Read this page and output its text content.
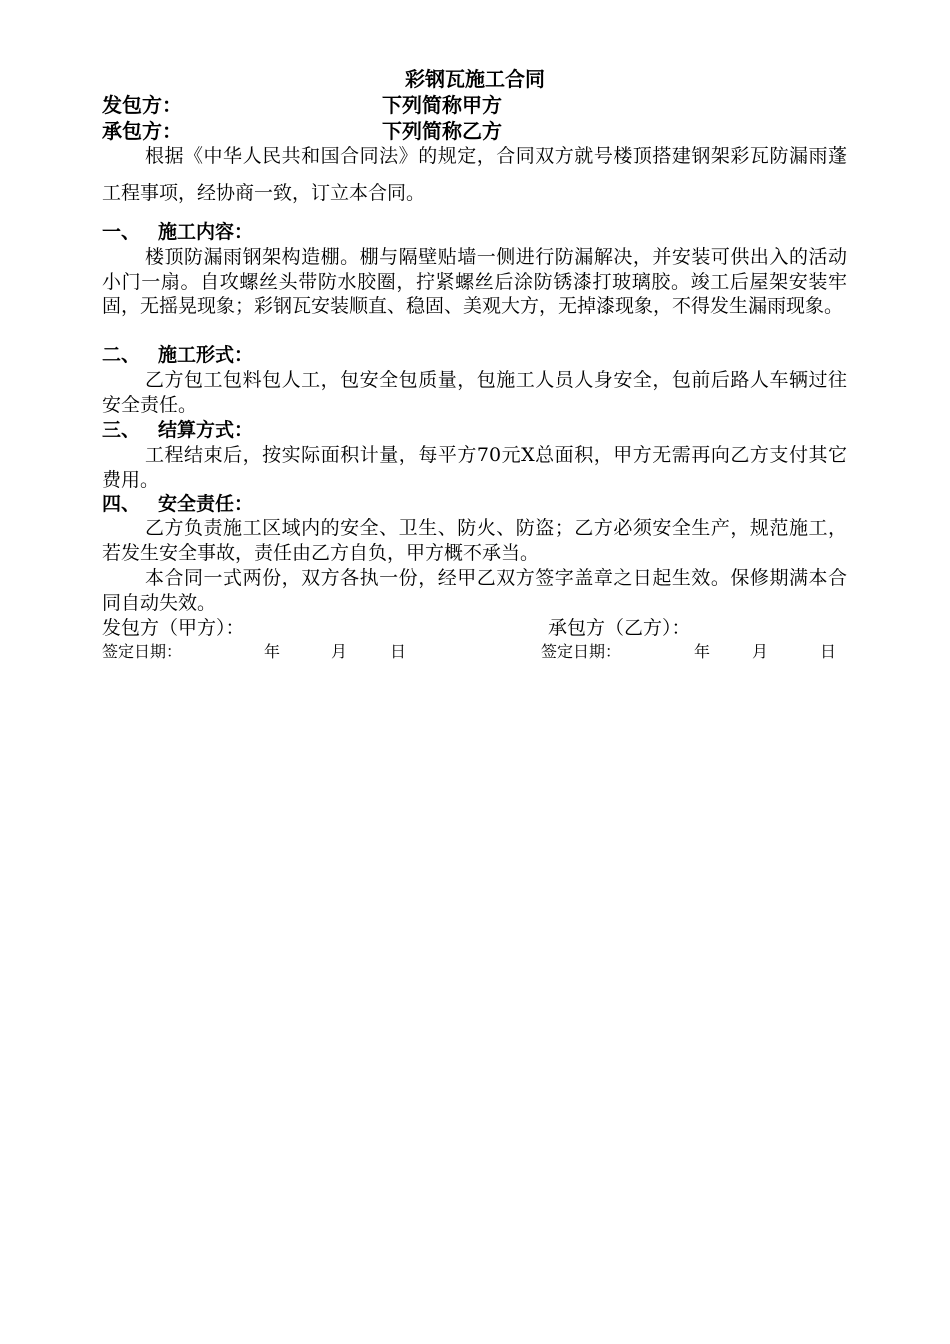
彩钢瓦施工合同
发包方：	下列简称甲方
承包方：	下列简称乙方
根据《中华人民共和国合同法》的规定，合同双方就号楼顶搭建钢架彩瓦防漏雨蓬工程事项，经协商一致，订立本合同。
一、 施工内容：
楼顶防漏雨钢架构造棚。棚与隔壁贴墙一侧进行防漏解决，并安装可供出入的活动小门一扇。自攻螺丝头带防水胶圈，拧紧螺丝后涂防锈漆打玻璃胶。竣工后屋架安装牢固，无摇晃现象；彩钢瓦安装顺直、稳固、美观大方，无掉漆现象，不得发生漏雨现象。
二、 施工形式：
乙方包工包料包人工，包安全包质量，包施工人员人身安全，包前后路人车辆过往安全责任。
三、 结算方式：
工程结束后，按实际面积计量，每平方70元X总面积，甲方无需再向乙方支付其它费用。
四、 安全责任：
乙方负责施工区域内的安全、卫生、防火、防盗；乙方必须安全生产，规范施工，若发生安全事故，责任由乙方自负，甲方概不承当。
本合同一式两份，双方各执一份，经甲乙双方签字盖章之日起生效。保修期满本合同自动失效。
发包方（甲方）：	承包方（乙方）：
签定日期：	年	月	日	签定日期：	年	月	日
